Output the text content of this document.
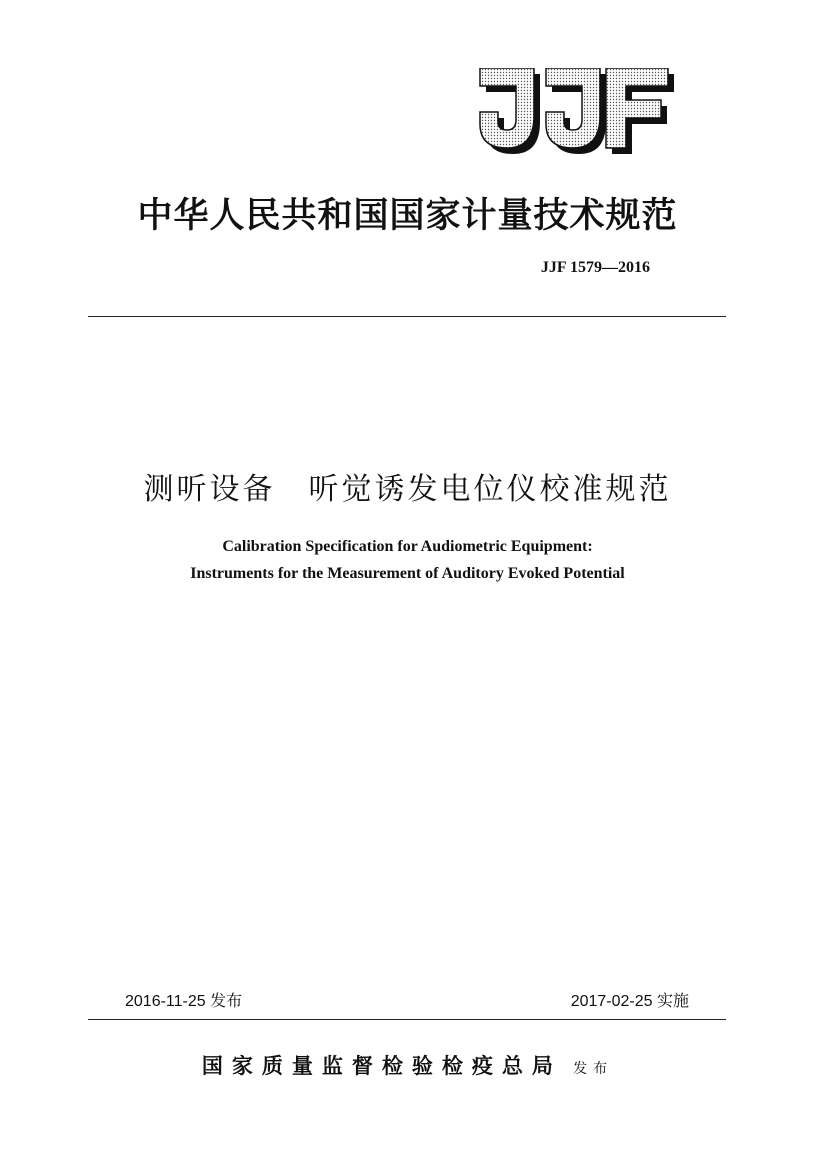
中华人民共和国国家计量技术规范
JJF 1579—2016
测听设备　听觉诱发电位仪校准规范
Calibration Specification for Audiometric Equipment:
Instruments for the Measurement of Auditory Evoked Potential
2016-11-25 发布	2017-02-25 实施
国家质量监督检验检疫总局 发布
